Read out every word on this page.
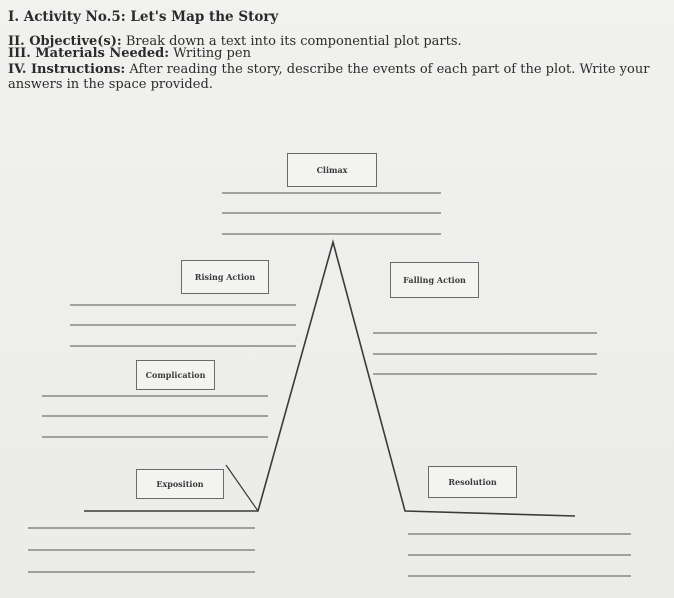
I. Activity No.5: Let's Map the Story
II. Objective(s): Break down a text into its componential plot parts.
III. Materials Needed: Writing pen
IV. Instructions: After reading the story, describe the events of each part of the plot. Write your
answers in the space provided.
Climax
Rising Action	Falling Action
Complication
Exposition	Resolution
